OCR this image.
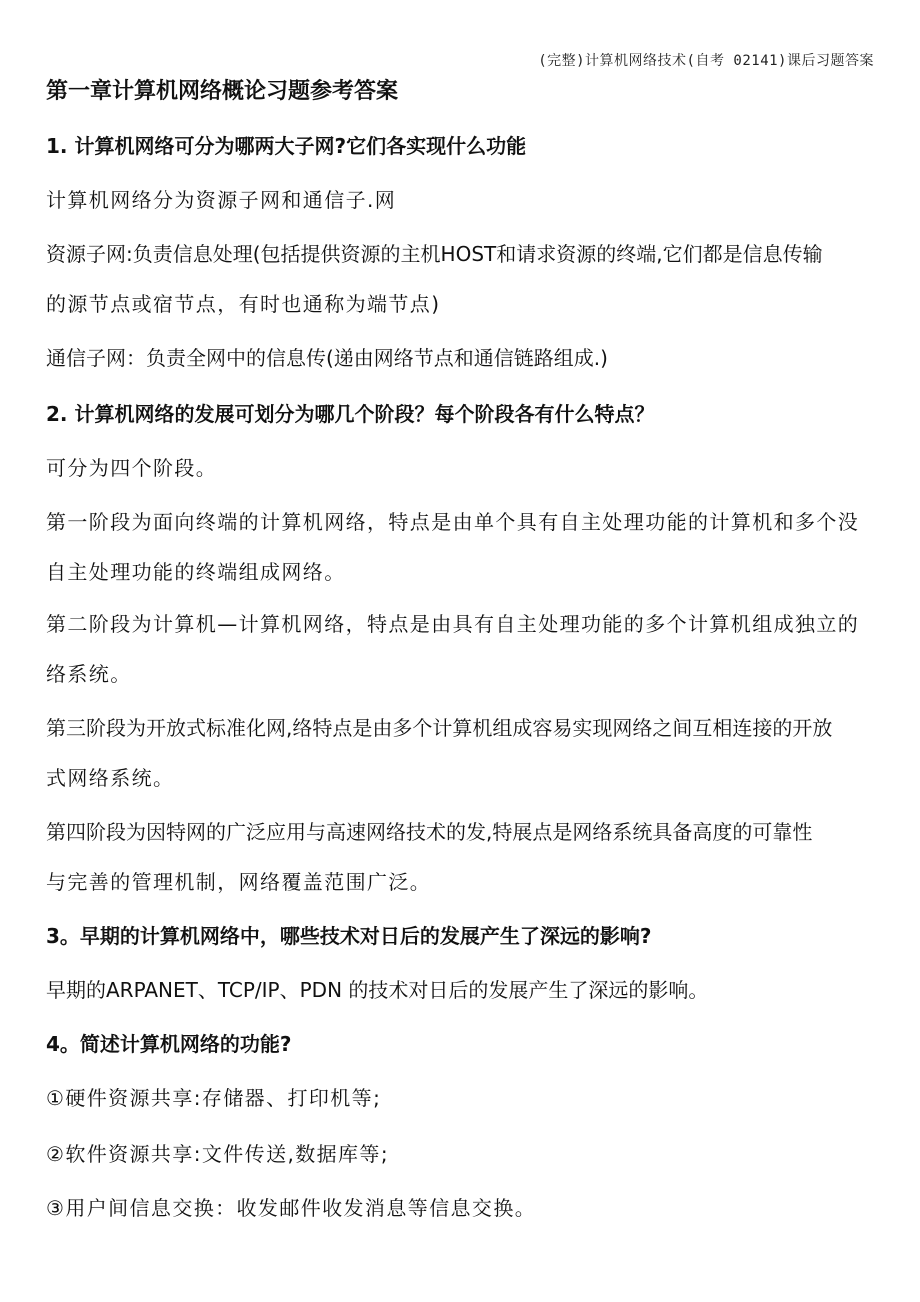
(完整)计算机网络技术(自考 02141)课后习题答案
第一章计算机网络概论习题参考答案
1. 计算机网络可分为哪两大子网?它们各实现什么功能
计算机网络分为资源子网和通信子.网
资源子网:负责信息处理(包括提供资源的主机HOST和请求资源的终端,它们都是信息传输
的源节点或宿节点，有时也通称为端节点)
通信子网：负责全网中的信息传(递由网络节点和通信链路组成.)
2. 计算机网络的发展可划分为哪几个阶段？每个阶段各有什么特点？
可分为四个阶段。
第一阶段为面向终端的计算机网络，特点是由单个具有自主处理功能的计算机和多个没
自主处理功能的终端组成网络。
第二阶段为计算机—计算机网络，特点是由具有自主处理功能的多个计算机组成独立的
络系统。
第三阶段为开放式标准化网,络特点是由多个计算机组成容易实现网络之间互相连接的开放
式网络系统。
第四阶段为因特网的广泛应用与高速网络技术的发,特展点是网络系统具备高度的可靠性
与完善的管理机制，网络覆盖范围广泛。
3。早期的计算机网络中，哪些技术对日后的发展产生了深远的影响?
早期的ARPANET、TCP/IP、PDN 的技术对日后的发展产生了深远的影响。
4。简述计算机网络的功能?
①硬件资源共享:存储器、打印机等;
②软件资源共享:文件传送,数据库等;
③用户间信息交换：收发邮件收发消息等信息交换。
